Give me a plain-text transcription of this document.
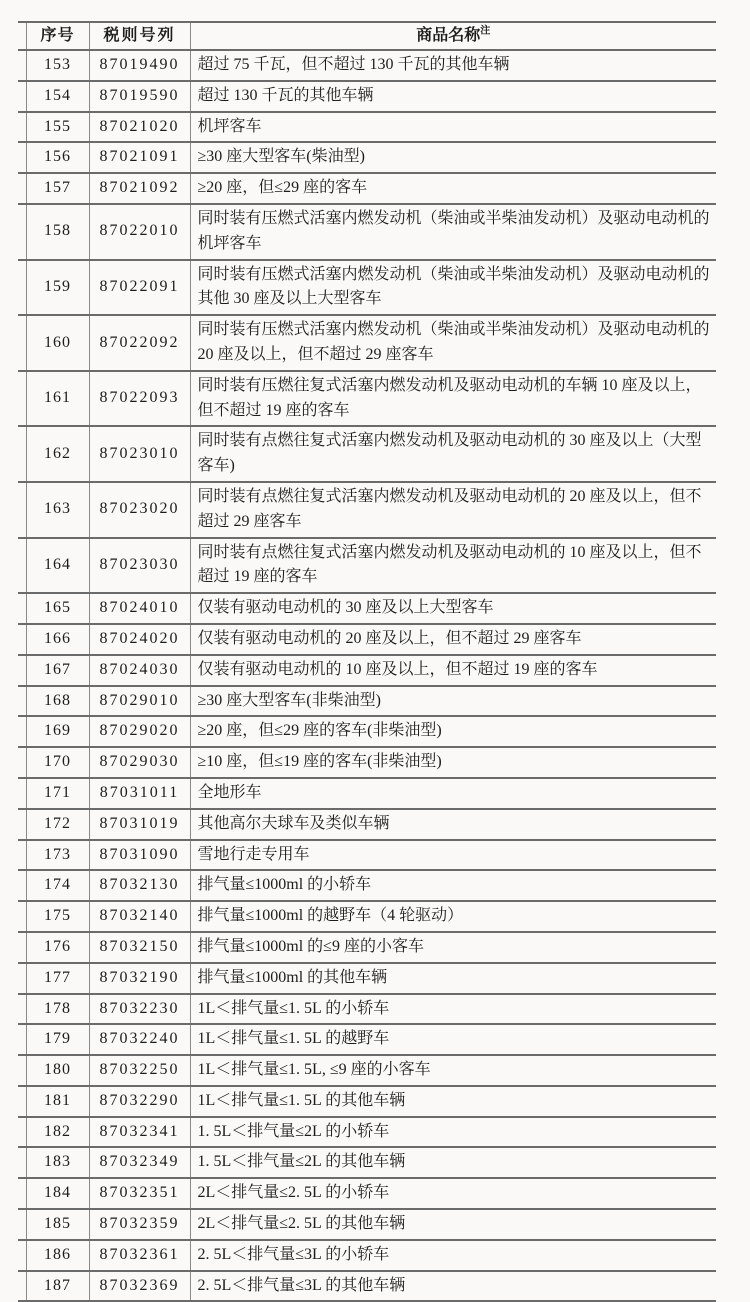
	序号	税则号列	商品名称$^注$
	153	87019490	超过 75 千瓦，但不超过 130 千瓦的其他车辆
	154	87019590	超过 130 千瓦的其他车辆
	155	87021020	机坪客车
	156	87021091	≥30 座大型客车(柴油型)
	157	87021092	≥20 座，但≤29 座的客车
	158	87022010	同时装有压燃式活塞内燃发动机（柴油或半柴油发动机）及驱动电动机的机坪客车
	159	87022091	同时装有压燃式活塞内燃发动机（柴油或半柴油发动机）及驱动电动机的其他 30 座及以上大型客车
	160	87022092	同时装有压燃式活塞内燃发动机（柴油或半柴油发动机）及驱动电动机的 20 座及以上，但不超过 29 座客车
	161	87022093	同时装有压燃往复式活塞内燃发动机及驱动电动机的车辆 10 座及以上，但不超过 19 座的客车
	162	87023010	同时装有点燃往复式活塞内燃发动机及驱动电动机的 30 座及以上（大型客车)
	163	87023020	同时装有点燃往复式活塞内燃发动机及驱动电动机的 20 座及以上，但不超过 29 座客车
	164	87023030	同时装有点燃往复式活塞内燃发动机及驱动电动机的 10 座及以上，但不超过 19 座的客车
	165	87024010	仅装有驱动电动机的 30 座及以上大型客车
	166	87024020	仅装有驱动电动机的 20 座及以上，但不超过 29 座客车
	167	87024030	仅装有驱动电动机的 10 座及以上，但不超过 19 座的客车
	168	87029010	≥30 座大型客车(非柴油型)
	169	87029020	≥20 座，但≤29 座的客车(非柴油型)
	170	87029030	≥10 座，但≤19 座的客车(非柴油型)
	171	87031011	全地形车
	172	87031019	其他高尔夫球车及类似车辆
	173	87031090	雪地行走专用车
	174	87032130	排气量≤1000ml 的小轿车
	175	87032140	排气量≤1000ml 的越野车（4 轮驱动）
	176	87032150	排气量≤1000ml 的≤9 座的小客车
	177	87032190	排气量≤1000ml 的其他车辆
	178	87032230	1L＜排气量≤1. 5L 的小轿车
	179	87032240	1L＜排气量≤1. 5L 的越野车
	180	87032250	1L＜排气量≤1. 5L, ≤9 座的小客车
	181	87032290	1L＜排气量≤1. 5L 的其他车辆
	182	87032341	1. 5L＜排气量≤2L 的小轿车
	183	87032349	1. 5L＜排气量≤2L 的其他车辆
	184	87032351	2L＜排气量≤2. 5L 的小轿车
	185	87032359	2L＜排气量≤2. 5L 的其他车辆
	186	87032361	2. 5L＜排气量≤3L 的小轿车
	187	87032369	2. 5L＜排气量≤3L 的其他车辆
